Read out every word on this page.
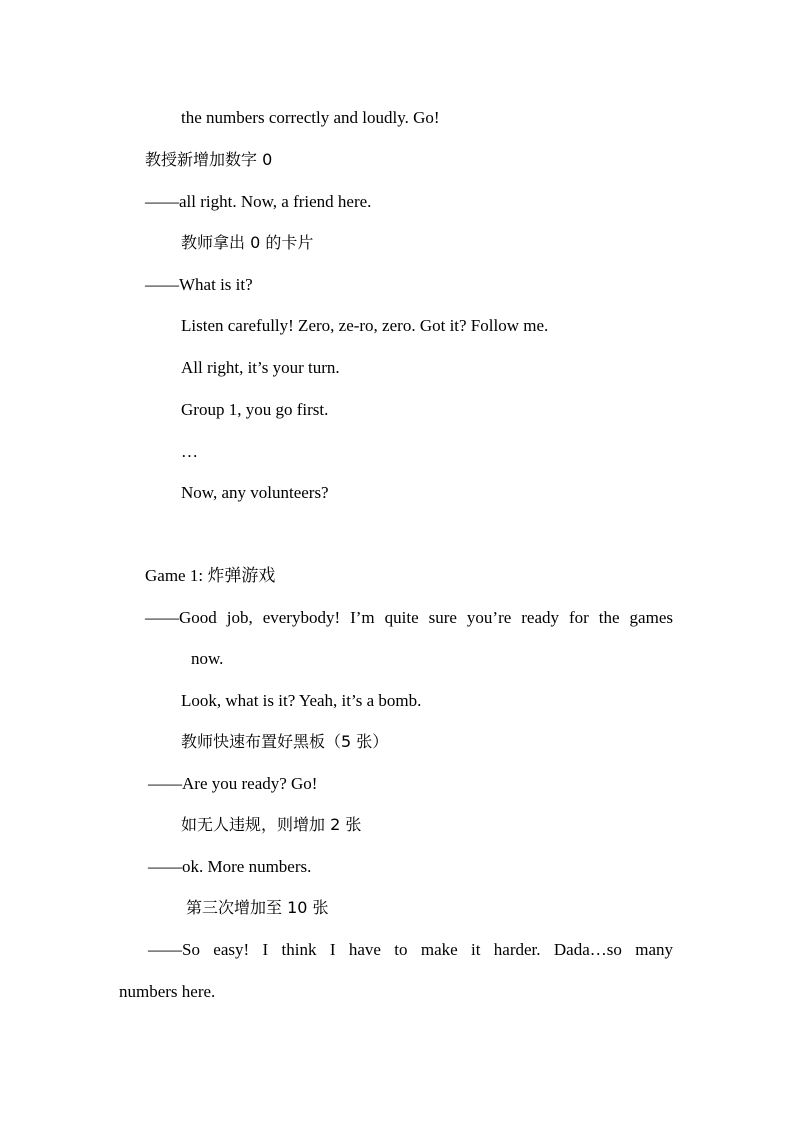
the numbers correctly and loudly. Go!
教授新增加数字 0
——all right. Now, a friend here.
教师拿出 0 的卡片
——What is it?
Listen carefully! Zero, ze-ro, zero. Got it? Follow me.
All right, it’s your turn.
Group 1, you go first.
…
Now, any volunteers?
Game 1: 炸弹游戏
——Good job, everybody! I’m quite sure you’re ready for the games
now.
Look, what is it? Yeah, it’s a bomb.
教师快速布置好黑板（5 张）
——Are you ready? Go!
如无人违规，则增加 2 张
——ok. More numbers.
第三次增加至 10 张
——So easy! I think I have to make it harder. Dada…so many
numbers here.
